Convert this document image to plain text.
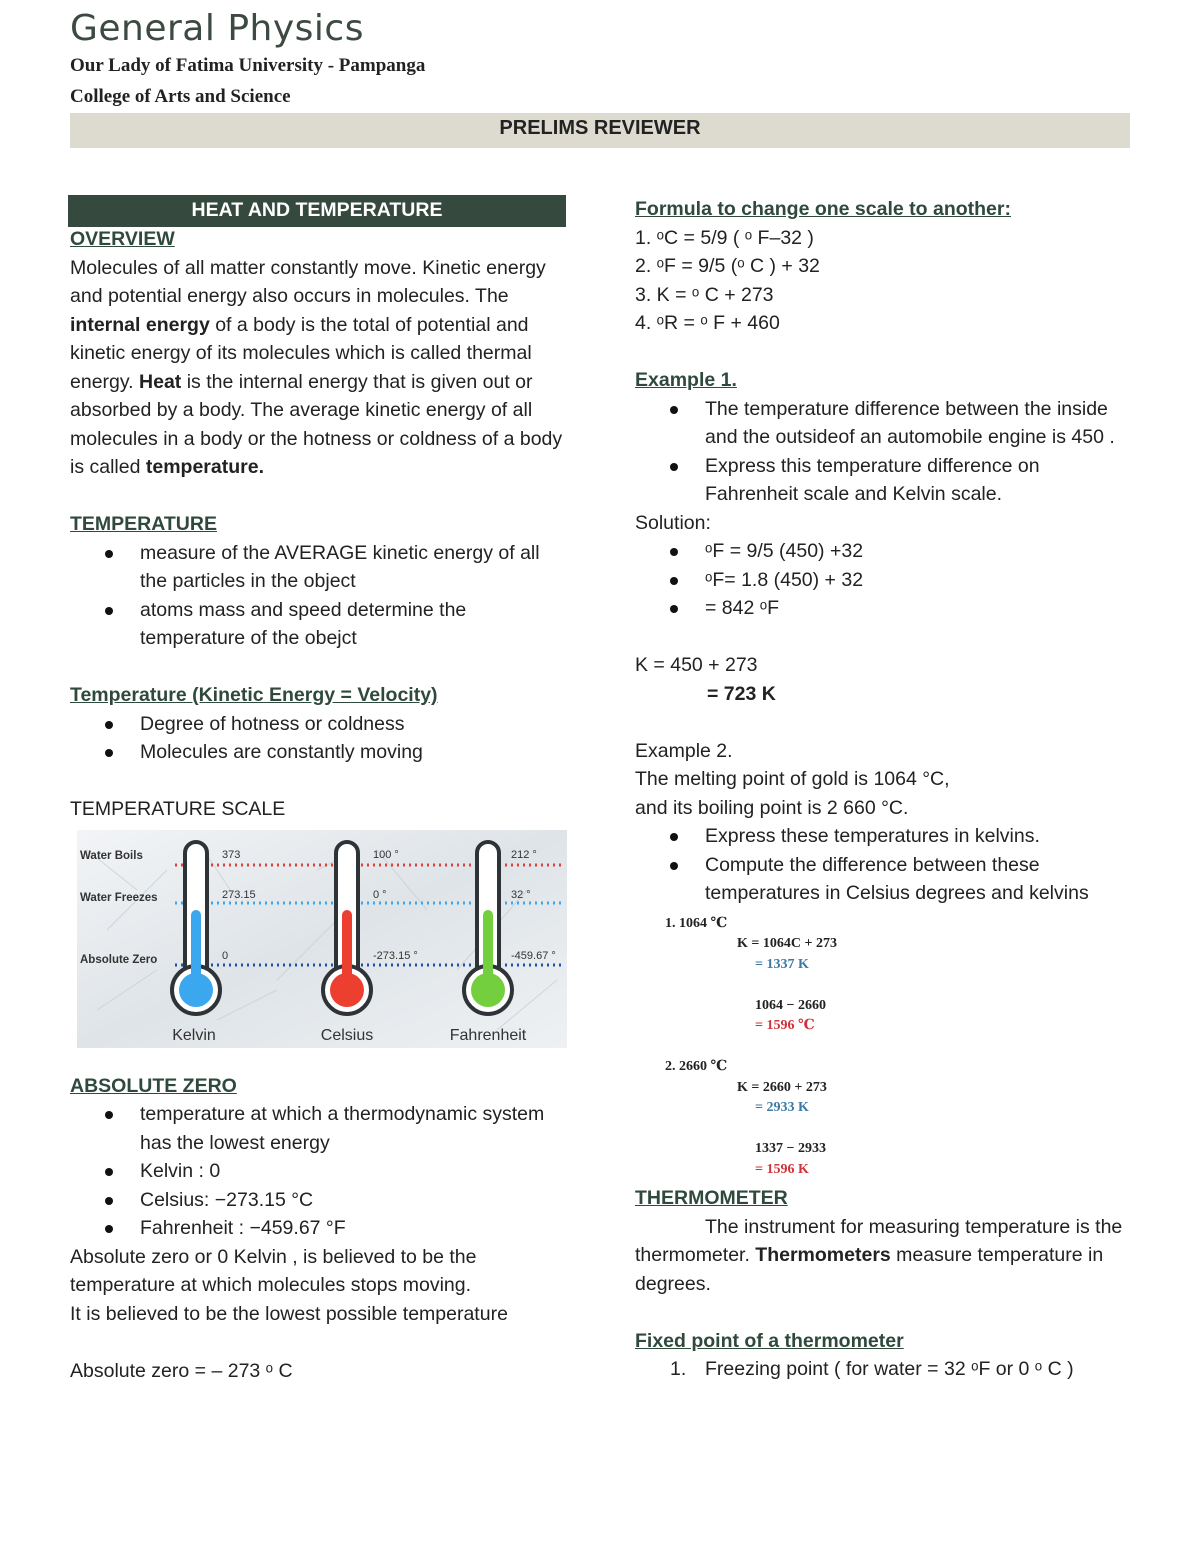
General Physics
Our Lady of Fatima University - Pampanga
College of Arts and Science
PRELIMS REVIEWER
HEAT AND TEMPERATURE

OVERVIEW

Molecules of all matter constantly move. Kinetic energy and potential energy also occurs in molecules. The internal energy of a body is the total of potential and kinetic energy of its molecules which is called thermal energy. Heat is the internal energy that is given out or absorbed by a body. The average kinetic energy of all molecules in a body or the hotness or coldness of a body is called temperature.

TEMPERATURE

measure of the AVERAGE kinetic energy of all the particles in the object
atoms mass and speed determine the temperature of the obejct

Temperature (Kinetic Energy = Velocity)

Degree of hotness or coldness
Molecules are constantly moving

TEMPERATURE SCALE

Water Boils
Water Freezes
Absolute Zero
373
273.15
0
100 °
0 °
-273.15 °
212 °
32 °
-459.67 °
Kelvin	Celsius	Fahrenheit

ABSOLUTE ZERO

temperature at which a thermodynamic system has the lowest energy
Kelvin : 0
Celsius: −273.15 °C
Fahrenheit : −459.67 °F

Absolute zero or 0 Kelvin , is believed to be the temperature at which molecules stops moving.

It is believed to be the lowest possible temperature

Absolute zero = – 273 ᵒ C

Formula to change one scale to another:

1. ᵒC = 5/9 ( ᵒ F–32 )

2. ᵒF = 9/5 (ᵒ C ) + 32

3. K = ᵒ C + 273

4. ᵒR = ᵒ F + 460

Example 1.

The temperature difference between the inside and the outsideof an automobile engine is 450 .
Express this temperature difference on Fahrenheit scale and Kelvin scale.

Solution:

ᵒF = 9/5 (450) +32
ᵒF= 1.8 (450) + 32
= 842 ᵒF

K = 450 + 273

= 723 K

Example 2.

The melting point of gold is 1064 °C,

and its boiling point is 2 660 °C.

Express these temperatures in kelvins.
Compute the difference between these temperatures in Celsius degrees and kelvins
1. 1064 ℃
K = 1064C + 273
= 1337 K
1064 − 2660
= 1596 ℃
2. 2660 ℃
K = 2660 + 273
= 2933 K
1337 − 2933
= 1596 K

THERMOMETER

The instrument for measuring temperature is the thermometer. Thermometers measure temperature in degrees.

Fixed point of a thermometer

1. Freezing point ( for water = 32 ᵒF or 0 ᵒ C )
